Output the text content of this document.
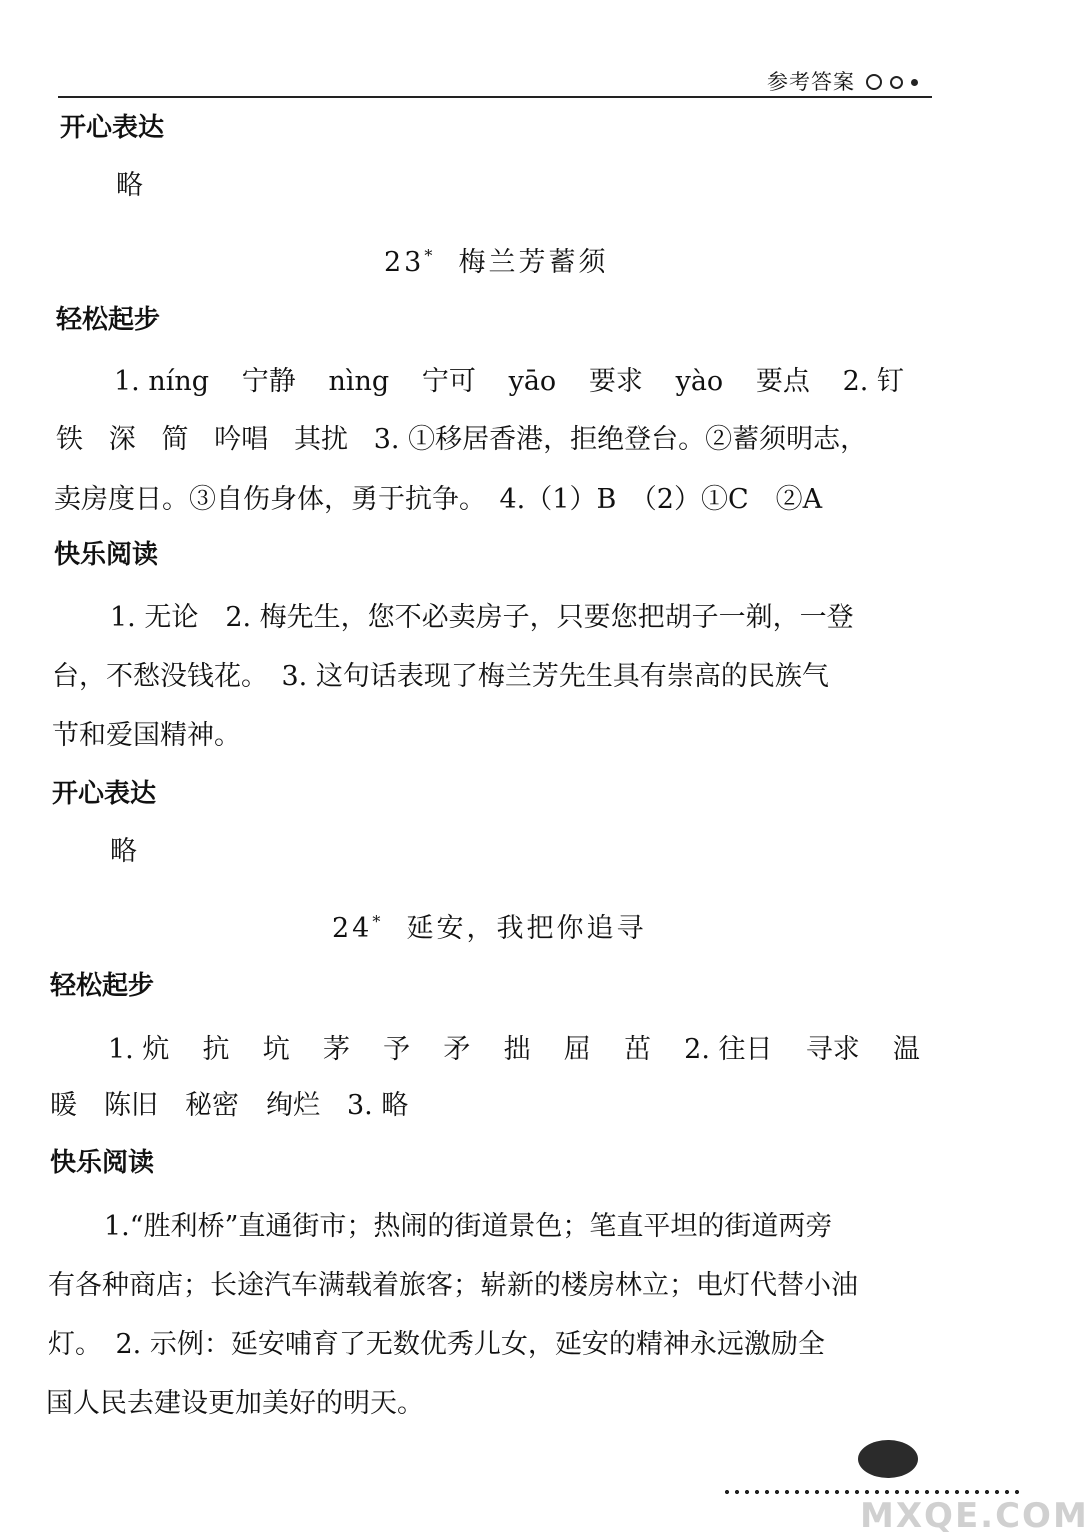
参考答案
开心表达
略
23* 梅兰芳蓄须
轻松起步
1. níng 宁静 nìng 宁可 yāo 要求 yào 要点 2. 钉
铁 深 简 吟唱 其扰 3. ①移居香港，拒绝登台。②蓄须明志，
卖房度日。③自伤身体，勇于抗争。　4.（1）B　（2）①C　②A
快乐阅读
1. 无论　2. 梅先生，您不必卖房子，只要您把胡子一剃，一登
台，不愁没钱花。　3. 这句话表现了梅兰芳先生具有崇高的民族气
节和爱国精神。
开心表达
略
24* 延安，我把你追寻
轻松起步
1. 炕 抗 坑 茅 予 矛 拙 屈 茁 2. 往日 寻求 温
暖　陈旧　秘密　绚烂　3. 略
快乐阅读
1.“胜利桥”直通街市；热闹的街道景色；笔直平坦的街道两旁
有各种商店；长途汽车满载着旅客；崭新的楼房林立；电灯代替小油
灯。　2. 示例：延安哺育了无数优秀儿女，延安的精神永远激励全
国人民去建设更加美好的明天。
MXQE.COM
